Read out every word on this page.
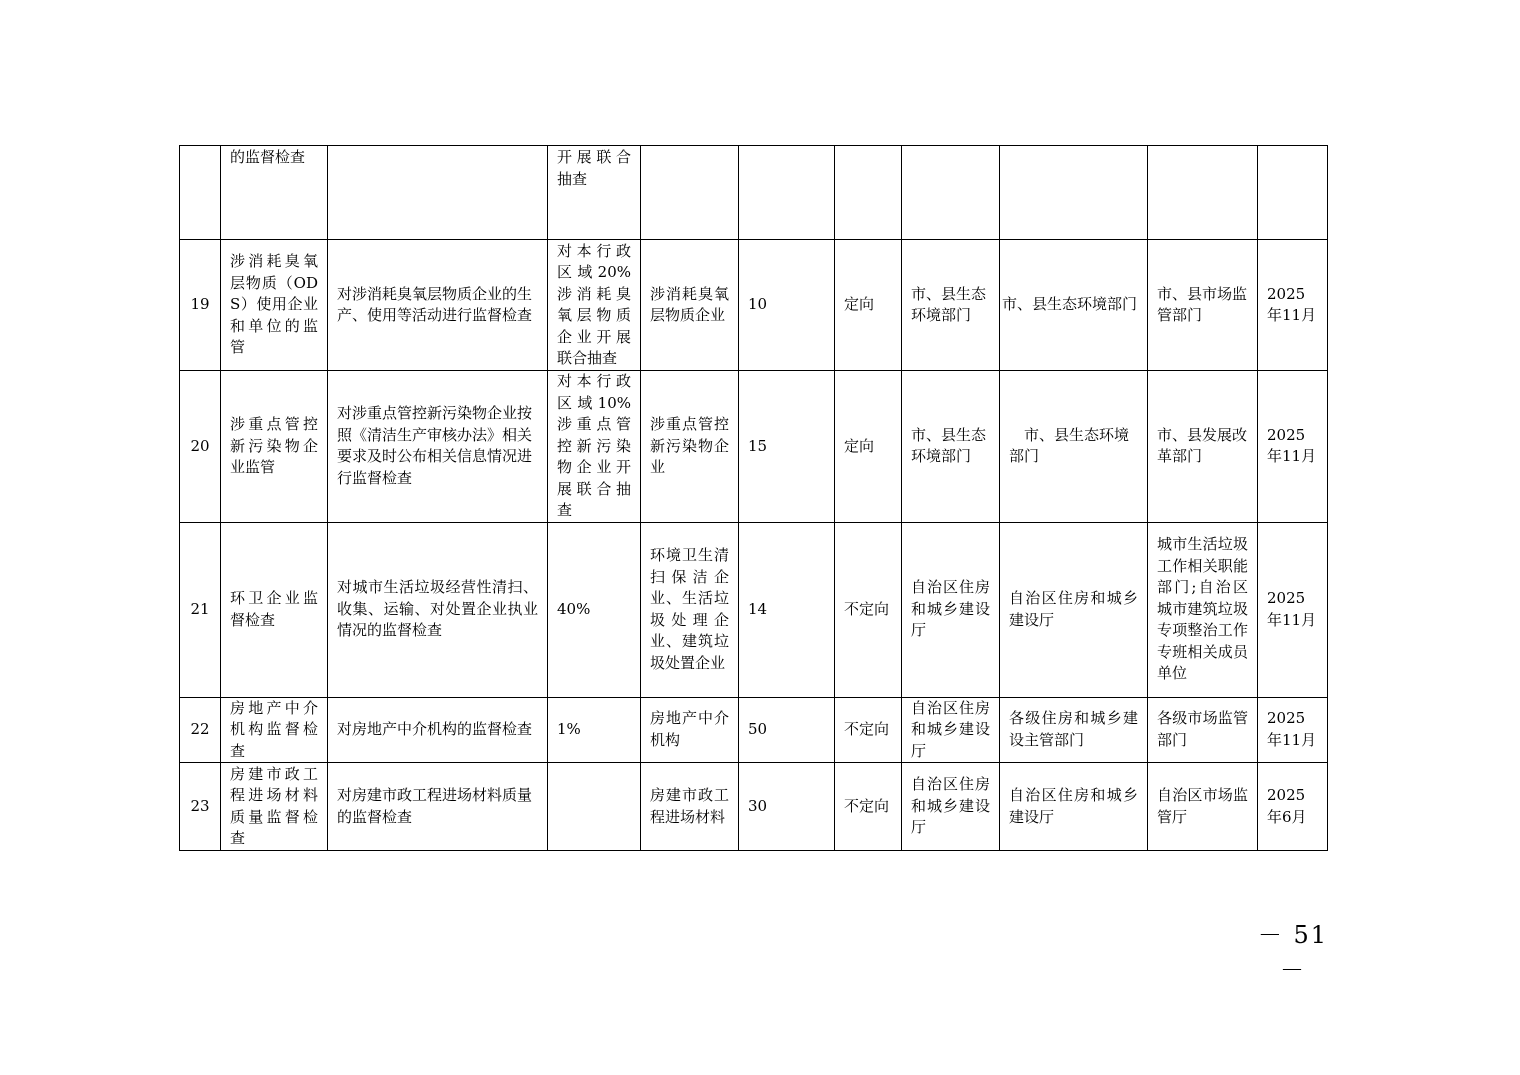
	的监督检查		开展联合抽查							
19	涉消耗臭氧层物质（ODS）使用企业和单位的监管	对涉消耗臭氧层物质企业的生产、使用等活动进行监督检查	对本行政区域20%涉消耗臭氧层物质企业开展联合抽查	涉消耗臭氧层物质企业	10	定向	市、县生态环境部门	市、县生态环境部门	市、县市场监管部门	2025年11月
20	涉重点管控新污染物企业监管	对涉重点管控新污染物企业按照《清洁生产审核办法》相关要求及时公布相关信息情况进行监督检查	对本行政区域10%涉重点管控新污染物企业开展联合抽查	涉重点管控新污染物企业	15	定向	市、县生态环境部门	市、县生态环境部门	市、县发展改革部门	2025年11月
21	环卫企业监督检查	对城市生活垃圾经营性清扫、收集、运输、对处置企业执业情况的监督检查	40%	环境卫生清扫保洁企业、生活垃圾处理企业、建筑垃圾处置企业	14	不定向	自治区住房和城乡建设厅	自治区住房和城乡建设厅	城市生活垃圾工作相关职能部门;自治区城市建筑垃圾专项整治工作专班相关成员单位	2025年11月
22	房地产中介机构监督检查	对房地产中介机构的监督检查	1%	房地产中介机构	50	不定向	自治区住房和城乡建设厅	各级住房和城乡建设主管部门	各级市场监管部门	2025年11月
23	房建市政工程进场材料质量监督检查	对房建市政工程进场材料质量的监督检查		房建市政工程进场材料	30	不定向	自治区住房和城乡建设厅	自治区住房和城乡建设厅	自治区市场监管厅	2025年6月
－ 51 －
